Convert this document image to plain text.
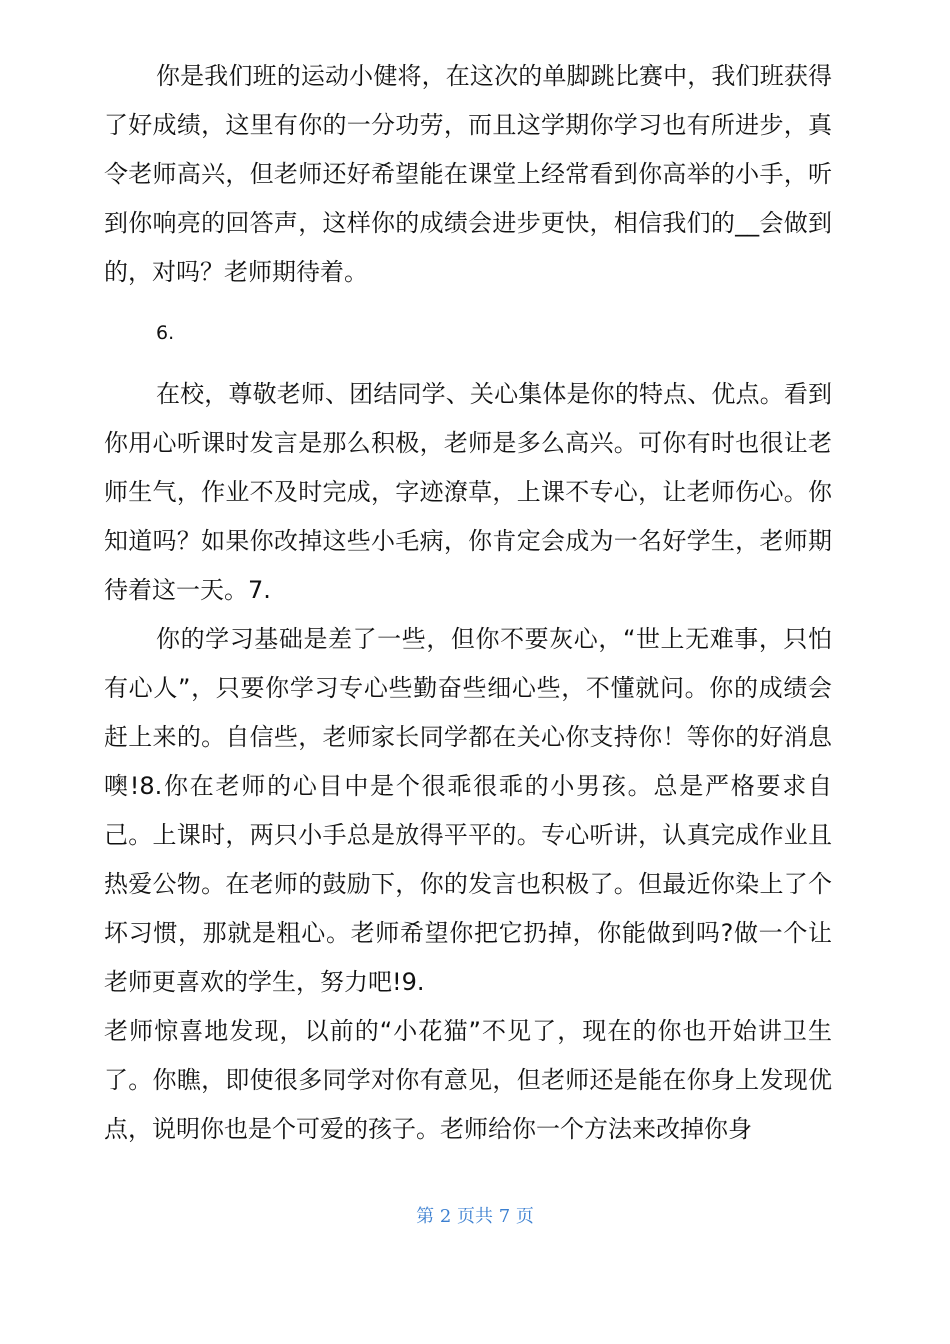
你是我们班的运动小健将，在这次的单脚跳比赛中，我们班获得了好成绩，这里有你的一分功劳，而且这学期你学习也有所进步，真令老师高兴，但老师还好希望能在课堂上经常看到你高举的小手，听到你响亮的回答声，这样你的成绩会进步更快，相信我们的__会做到的，对吗？老师期待着。

6.

在校，尊敬老师、团结同学、关心集体是你的特点、优点。看到你用心听课时发言是那么积极，老师是多么高兴。可你有时也很让老师生气，作业不及时完成，字迹潦草，上课不专心，让老师伤心。你知道吗？如果你改掉这些小毛病，你肯定会成为一名好学生，老师期待着这一天。7.

你的学习基础是差了一些，但你不要灰心，“世上无难事，只怕有心人”，只要你学习专心些勤奋些细心些，不懂就问。你的成绩会赶上来的。自信些，老师家长同学都在关心你支持你！等你的好消息噢!8.你在老师的心目中是个很乖很乖的小男孩。总是严格要求自己。上课时，两只小手总是放得平平的。专心听讲，认真完成作业且热爱公物。在老师的鼓励下，你的发言也积极了。但最近你染上了个坏习惯，那就是粗心。老师希望你把它扔掉，你能做到吗?做一个让老师更喜欢的学生，努力吧!9.

老师惊喜地发现，以前的“小花猫”不见了，现在的你也开始讲卫生了。你瞧，即使很多同学对你有意见，但老师还是能在你身上发现优点，说明你也是个可爱的孩子。老师给你一个方法来改掉你身

第 2 页共 7 页
